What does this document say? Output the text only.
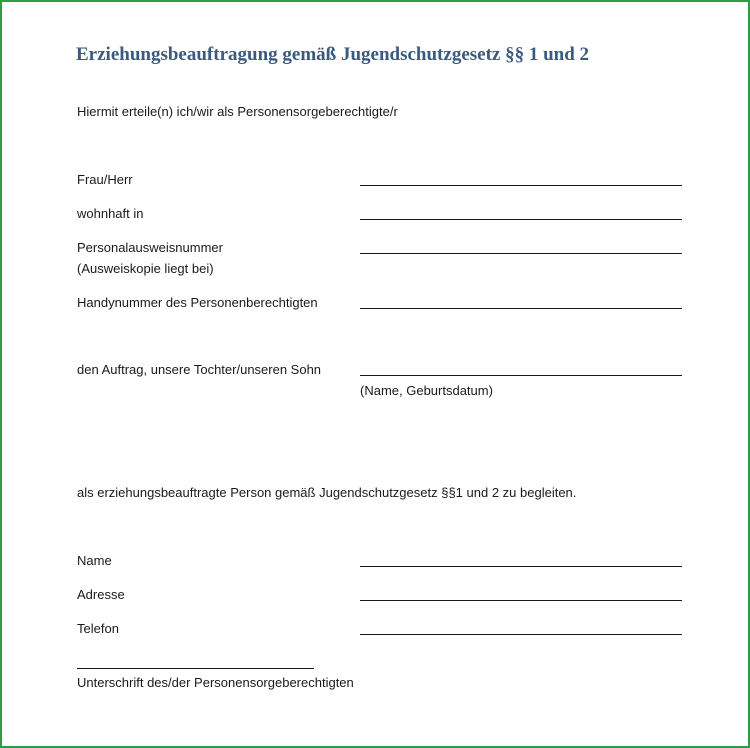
Erziehungsbeauftragung gemäß Jugendschutzgesetz §§ 1 und 2
Hiermit erteile(n) ich/wir als Personensorgeberechtigte/r
Frau/Herr
wohnhaft in
Personalausweisnummer
(Ausweiskopie liegt bei)
Handynummer des Personenberechtigten
den Auftrag, unsere Tochter/unseren Sohn
(Name, Geburtsdatum)
als erziehungsbeauftragte Person gemäß Jugendschutzgesetz §§1 und 2 zu begleiten.
Name
Adresse
Telefon
Unterschrift des/der Personensorgeberechtigten
